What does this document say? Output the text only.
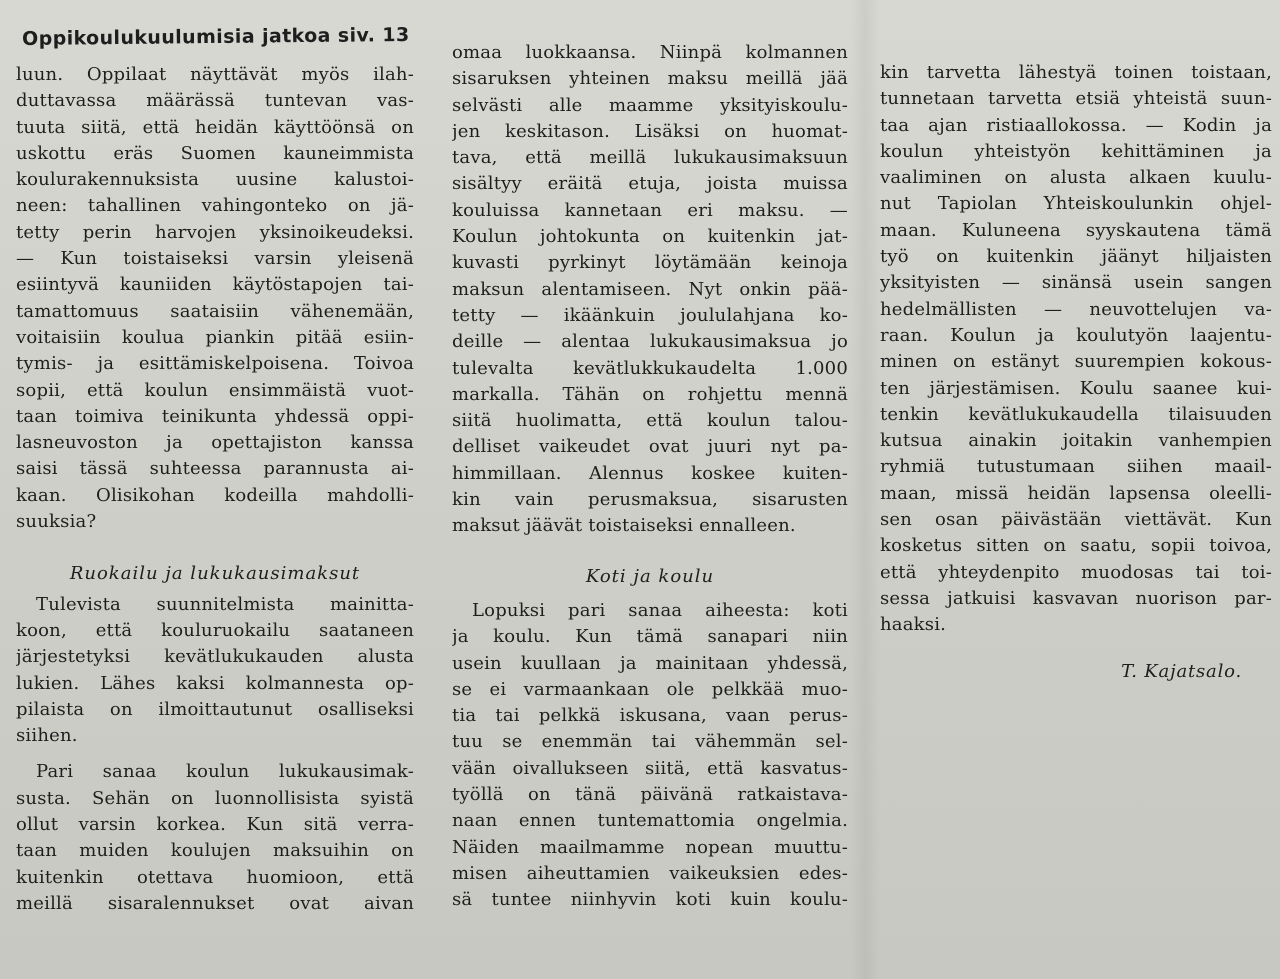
Oppikoulukuulumisia jatkoa siv. 13
luun. Oppilaat näyttävät myös ilah-
duttavassa määrässä tuntevan vas-
tuuta siitä, että heidän käyttöönsä on
uskottu eräs Suomen kauneimmista
koulurakennuksista uusine kalustoi-
neen: tahallinen vahingonteko on jä-
tetty perin harvojen yksinoikeudeksi.
— Kun toistaiseksi varsin yleisenä
esiintyvä kauniiden käytöstapojen tai-
tamattomuus saataisiin vähenemään,
voitaisiin koulua piankin pitää esiin-
tymis- ja esittämiskelpoisena. Toivoa
sopii, että koulun ensimmäistä vuot-
taan toimiva teinikunta yhdessä oppi-
lasneuvoston ja opettajiston kanssa
saisi tässä suhteessa parannusta ai-
kaan. Olisikohan kodeilla mahdolli-
suuksia?

Ruokailu ja lukukausimaksut

Tulevista suunnitelmista mainitta-
koon, että kouluruokailu saataneen
järjestetyksi kevätlukukauden alusta
lukien. Lähes kaksi kolmannesta op-
pilaista on ilmoittautunut osalliseksi
siihen.
Pari sanaa koulun lukukausimak-
susta. Sehän on luonnollisista syistä
ollut varsin korkea. Kun sitä verra-
taan muiden koulujen maksuihin on
kuitenkin otettava huomioon, että
meillä sisaralennukset ovat aivan
omaa luokkaansa. Niinpä kolmannen
sisaruksen yhteinen maksu meillä jää
selvästi alle maamme yksityiskoulu-
jen keskitason. Lisäksi on huomat-
tava, että meillä lukukausimaksuun
sisältyy eräitä etuja, joista muissa
kouluissa kannetaan eri maksu. —
Koulun johtokunta on kuitenkin jat-
kuvasti pyrkinyt löytämään keinoja
maksun alentamiseen. Nyt onkin pää-
tetty — ikäänkuin joululahjana ko-
deille — alentaa lukukausimaksua jo
tulevalta kevätlukkukaudelta 1.000
markalla. Tähän on rohjettu mennä
siitä huolimatta, että koulun talou-
delliset vaikeudet ovat juuri nyt pa-
himmillaan. Alennus koskee kuiten-
kin vain perusmaksua, sisarusten
maksut jäävät toistaiseksi ennalleen.

Koti ja koulu

Lopuksi pari sanaa aiheesta: koti
ja koulu. Kun tämä sanapari niin
usein kuullaan ja mainitaan yhdessä,
se ei varmaankaan ole pelkkää muo-
tia tai pelkkä iskusana, vaan perus-
tuu se enemmän tai vähemmän sel-
vään oivallukseen siitä, että kasvatus-
työllä on tänä päivänä ratkaistava-
naan ennen tuntemattomia ongelmia.
Näiden maailmamme nopean muuttu-
misen aiheuttamien vaikeuksien edes-
sä tuntee niinhyvin koti kuin koulu-
kin tarvetta lähestyä toinen toistaan,
tunnetaan tarvetta etsiä yhteistä suun-
taa ajan ristiaallokossa. — Kodin ja
koulun yhteistyön kehittäminen ja
vaaliminen on alusta alkaen kuulu-
nut Tapiolan Yhteiskoulunkin ohjel-
maan. Kuluneena syyskautena tämä
työ on kuitenkin jäänyt hiljaisten
yksityisten — sinänsä usein sangen
hedelmällisten — neuvottelujen va-
raan. Koulun ja koulutyön laajentu-
minen on estänyt suurempien kokous-
ten järjestämisen. Koulu saanee kui-
tenkin kevätlukukaudella tilaisuuden
kutsua ainakin joitakin vanhempien
ryhmiä tutustumaan siihen maail-
maan, missä heidän lapsensa oleelli-
sen osan päivästään viettävät. Kun
kosketus sitten on saatu, sopii toivoa,
että yhteydenpito muodosas tai toi-
sessa jatkuisi kasvavan nuorison par-
haaksi.

T. Kajatsalo.
